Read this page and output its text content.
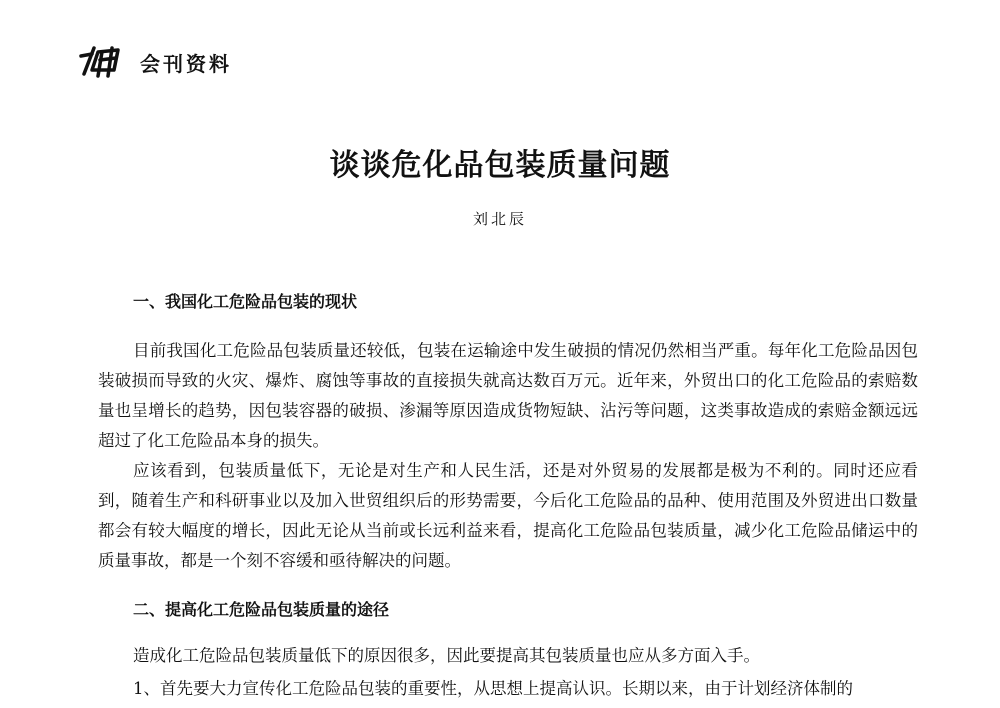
会刊资料
谈谈危化品包装质量问题
刘北辰
一、我国化工危险品包装的现状

目前我国化工危险品包装质量还较低，包装在运输途中发生破损的情况仍然相当严重。每年化工危险品因包装破损而导致的火灾、爆炸、腐蚀等事故的直接损失就高达数百万元。近年来，外贸出口的化工危险品的索赔数量也呈增长的趋势，因包装容器的破损、渗漏等原因造成货物短缺、沾污等问题，这类事故造成的索赔金额远远超过了化工危险品本身的损失。

应该看到，包装质量低下，无论是对生产和人民生活，还是对外贸易的发展都是极为不利的。同时还应看到，随着生产和科研事业以及加入世贸组织后的形势需要，今后化工危险品的品种、使用范围及外贸进出口数量都会有较大幅度的增长，因此无论从当前或长远利益来看，提高化工危险品包装质量，减少化工危险品储运中的质量事故，都是一个刻不容缓和亟待解决的问题。

二、提高化工危险品包装质量的途径

造成化工危险品包装质量低下的原因很多，因此要提高其包装质量也应从多方面入手。

1、首先要大力宣传化工危险品包装的重要性，从思想上提高认识。长期以来，由于计划经济体制的
